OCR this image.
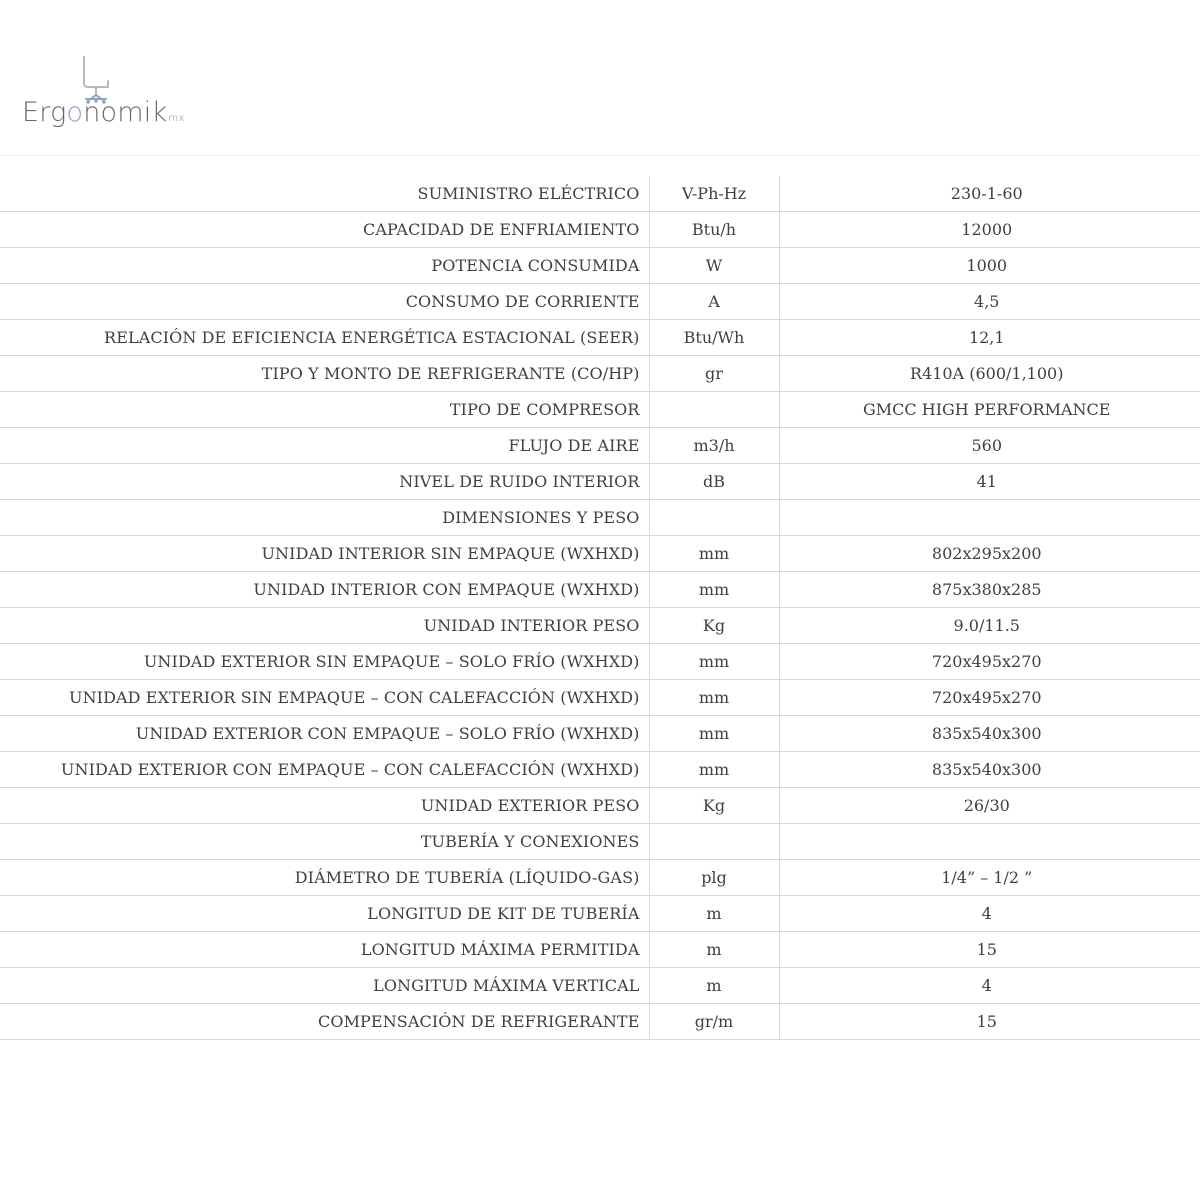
Ergonomikmx
SUMINISTRO ELÉCTRICO	V-Ph-Hz	230-1-60
CAPACIDAD DE ENFRIAMIENTO	Btu/h	12000
POTENCIA CONSUMIDA	W	1000
CONSUMO DE CORRIENTE	A	4,5
RELACIÓN DE EFICIENCIA ENERGÉTICA ESTACIONAL (SEER)	Btu/Wh	12,1
TIPO Y MONTO DE REFRIGERANTE (CO/HP)	gr	R410A (600/1,100)
TIPO DE COMPRESOR		GMCC HIGH PERFORMANCE
FLUJO DE AIRE	m3/h	560
NIVEL DE RUIDO INTERIOR	dB	41
DIMENSIONES Y PESO		
UNIDAD INTERIOR SIN EMPAQUE (WXHXD)	mm	802x295x200
UNIDAD INTERIOR CON EMPAQUE (WXHXD)	mm	875x380x285
UNIDAD INTERIOR PESO	Kg	9.0/11.5
UNIDAD EXTERIOR SIN EMPAQUE – SOLO FRÍO (WXHXD)	mm	720x495x270
UNIDAD EXTERIOR SIN EMPAQUE – CON CALEFACCIÓN (WXHXD)	mm	720x495x270
UNIDAD EXTERIOR CON EMPAQUE – SOLO FRÍO (WXHXD)	mm	835x540x300
UNIDAD EXTERIOR CON EMPAQUE – CON CALEFACCIÓN (WXHXD)	mm	835x540x300
UNIDAD EXTERIOR PESO	Kg	26/30
TUBERÍA Y CONEXIONES		
DIÁMETRO DE TUBERÍA (LÍQUIDO-GAS)	plg	1/4” – 1/2 ”
LONGITUD DE KIT DE TUBERÍA	m	4
LONGITUD MÁXIMA PERMITIDA	m	15
LONGITUD MÁXIMA VERTICAL	m	4
COMPENSACIÓN DE REFRIGERANTE	gr/m	15
